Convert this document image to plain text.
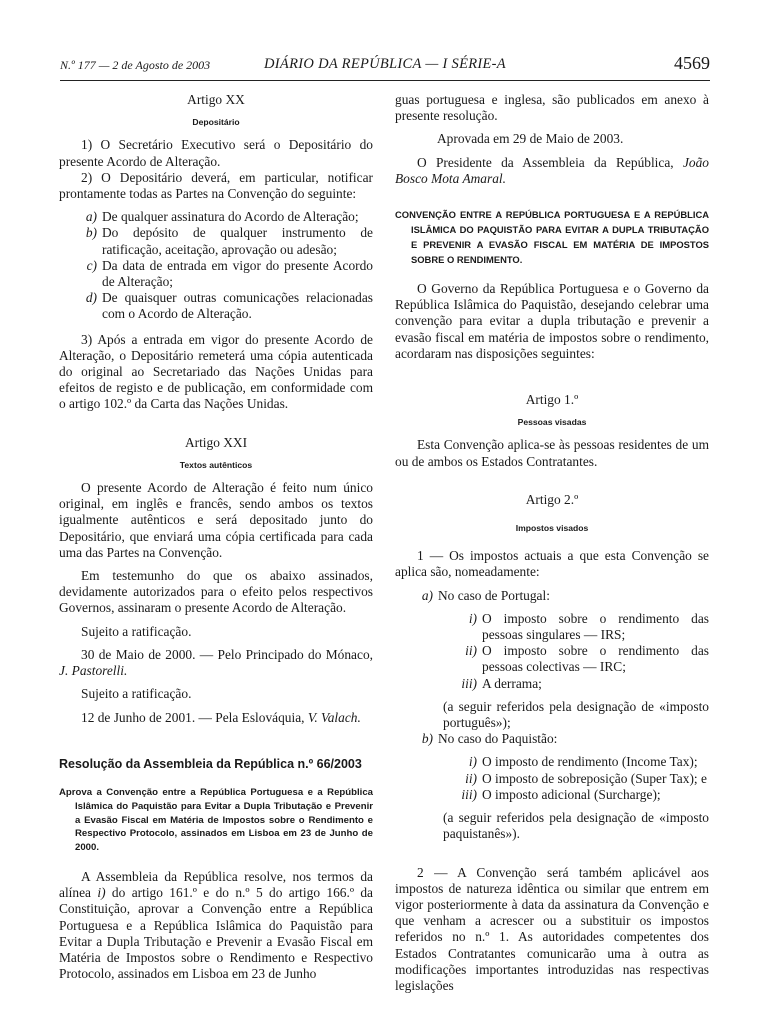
N.º 177 — 2 de Agosto de 2003	DIÁRIO DA REPÚBLICA — I SÉRIE-A	4569
Artigo XX
Depositário

1) O Secretário Executivo será o Depositário do presente Acordo de Alteração.

2) O Depositário deverá, em particular, notificar prontamente todas as Partes na Convenção do seguinte:

a) De qualquer assinatura do Acordo de Alteração;
b) Do depósito de qualquer instrumento de ratificação, aceitação, aprovação ou adesão;
c) Da data de entrada em vigor do presente Acordo de Alteração;
d) De quaisquer outras comunicações relacionadas com o Acordo de Alteração.

3) Após a entrada em vigor do presente Acordo de Alteração, o Depositário remeterá uma cópia autenticada do original ao Secretariado das Nações Unidas para efeitos de registo e de publicação, em conformidade com o artigo 102.º da Carta das Nações Unidas.

Artigo XXI
Textos autênticos

O presente Acordo de Alteração é feito num único original, em inglês e francês, sendo ambos os textos igualmente autênticos e será depositado junto do Depositário, que enviará uma cópia certificada para cada uma das Partes na Convenção.

Em testemunho do que os abaixo assinados, devidamente autorizados para o efeito pelos respectivos Governos, assinaram o presente Acordo de Alteração.

Sujeito a ratificação.

30 de Maio de 2000. — Pelo Principado do Mónaco, J. Pastorelli.

Sujeito a ratificação.

12 de Junho de 2001. — Pela Eslováquia, V. Valach.

Resolução da Assembleia da República n.º 66/2003
Aprova a Convenção entre a República Portuguesa e a República Islâmica do Paquistão para Evitar a Dupla Tributação e Prevenir a Evasão Fiscal em Matéria de Impostos sobre o Rendimento e Respectivo Protocolo, assinados em Lisboa em 23 de Junho de 2000.

A Assembleia da República resolve, nos termos da alínea i) do artigo 161.º e do n.º 5 do artigo 166.º da Constituição, aprovar a Convenção entre a República Portuguesa e a República Islâmica do Paquistão para Evitar a Dupla Tributação e Prevenir a Evasão Fiscal em Matéria de Impostos sobre o Rendimento e Respectivo Protocolo, assinados em Lisboa em 23 de Junho

guas portuguesa e inglesa, são publicados em anexo à presente resolução.

Aprovada em 29 de Maio de 2003.

O Presidente da Assembleia da República, João Bosco Mota Amaral.

CONVENÇÃO ENTRE A REPÚBLICA PORTUGUESA E A REPÚBLICA ISLÂMICA DO PAQUISTÃO PARA EVITAR A DUPLA TRIBUTAÇÃO E PREVENIR A EVASÃO FISCAL EM MATÉRIA DE IMPOSTOS SOBRE O RENDIMENTO.

O Governo da República Portuguesa e o Governo da República Islâmica do Paquistão, desejando celebrar uma convenção para evitar a dupla tributação e prevenir a evasão fiscal em matéria de impostos sobre o rendimento, acordaram nas disposições seguintes:

Artigo 1.º
Pessoas visadas

Esta Convenção aplica-se às pessoas residentes de um ou de ambos os Estados Contratantes.

Artigo 2.º
Impostos visados

1 — Os impostos actuais a que esta Convenção se aplica são, nomeadamente:

a) No caso de Portugal:
i) O imposto sobre o rendimento das pessoas singulares — IRS;
ii) O imposto sobre o rendimento das pessoas colectivas — IRC;
iii) A derrama;

(a seguir referidos pela designação de «imposto português»);

b) No caso do Paquistão:
i) O imposto de rendimento (Income Tax);
ii) O imposto de sobreposição (Super Tax); e
iii) O imposto adicional (Surcharge);

(a seguir referidos pela designação de «imposto paquistanês»).

2 — A Convenção será também aplicável aos impostos de natureza idêntica ou similar que entrem em vigor posteriormente à data da assinatura da Convenção e que venham a acrescer ou a substituir os impostos referidos no n.º 1. As autoridades competentes dos Estados Contratantes comunicarão uma à outra as modificações importantes introduzidas nas respectivas legislações
